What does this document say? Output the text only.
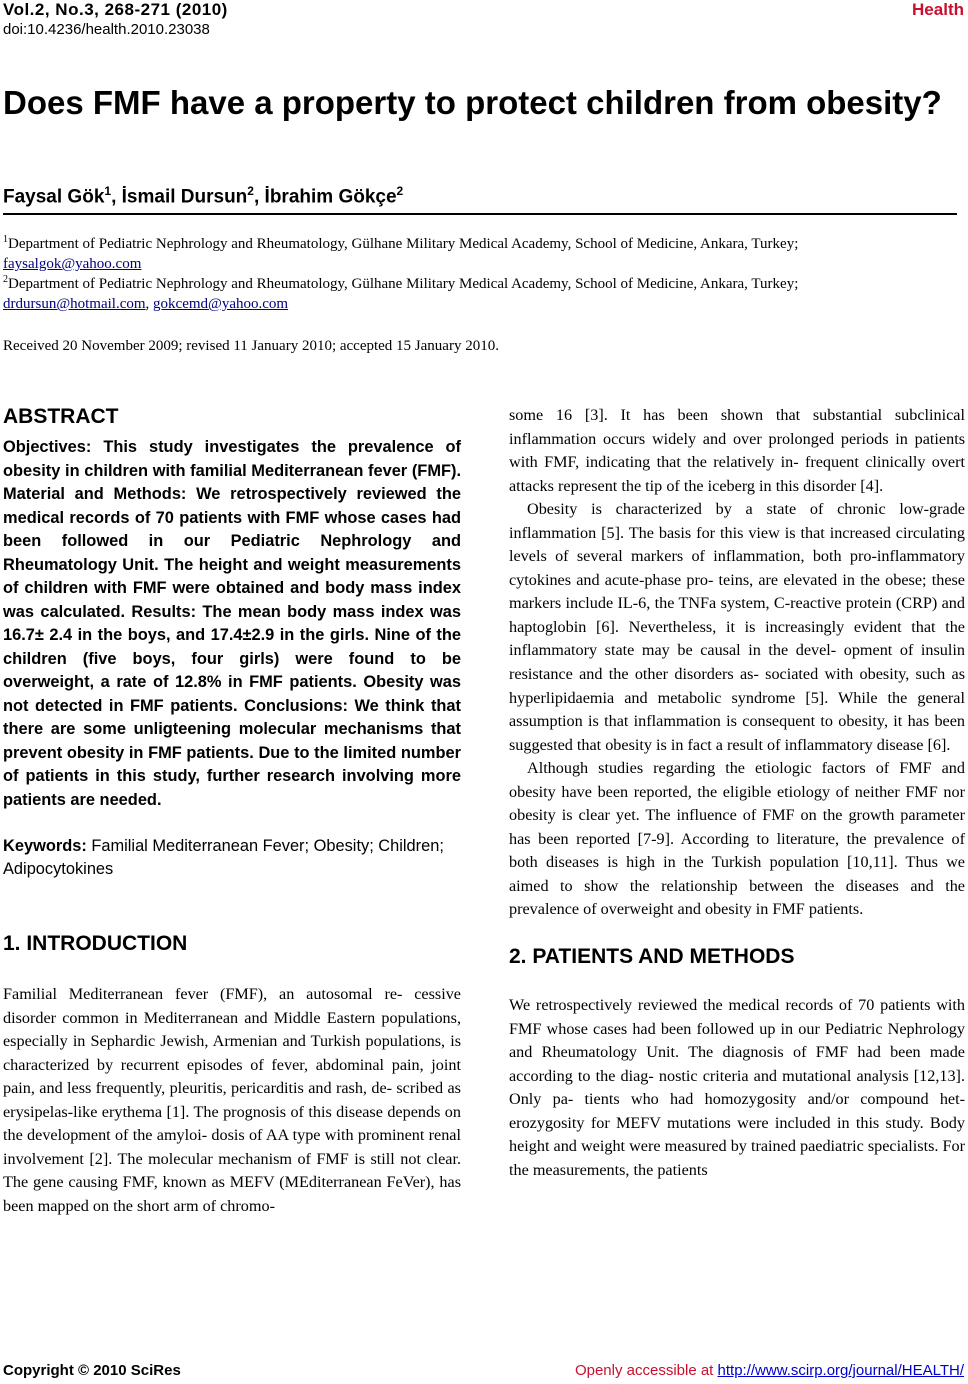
Vol.2, No.3, 268-271 (2010)
doi:10.4236/health.2010.23038
Health
Does FMF have a property to protect children from obesity?
Faysal Gök$^1$, İsmail Dursun$^2$, İbrahim Gökçe$^2$
$^1$Department of Pediatric Nephrology and Rheumatology, Gülhane Military Medical Academy, School of Medicine, Ankara, Turkey;
faysalgok@yahoo.com
$^2$Department of Pediatric Nephrology and Rheumatology, Gülhane Military Medical Academy, School of Medicine, Ankara, Turkey;
drdursun@hotmail.com, gokcemd@yahoo.com
Received 20 November 2009; revised 11 January 2010; accepted 15 January 2010.
ABSTRACT

Objectives: This study investigates the prevalence of obesity in children with familial Mediterranean fever (FMF). Material and Methods: We retrospectively reviewed the medical records of 70 patients with FMF whose cases had been followed in our Pediatric Nephrology and Rheumatology Unit. The height and weight measurements of children with FMF were obtained and body mass index was calculated. Results: The mean body mass index was 16.7± 2.4 in the boys, and 17.4±2.9 in the girls. Nine of the children (five boys, four girls) were found to be overweight, a rate of 12.8% in FMF patients. Obesity was not detected in FMF patients. Conclusions: We think that there are some unligteening molecular mechanisms that prevent obesity in FMF patients. Due to the limited number of patients in this study, further research involving more patients are needed.

Keywords: Familial Mediterranean Fever; Obesity; Children; Adipocytokines

1. INTRODUCTION

Familial Mediterranean fever (FMF), an autosomal re- cessive disorder common in Mediterranean and Middle Eastern populations, especially in Sephardic Jewish, Armenian and Turkish populations, is characterized by recurrent episodes of fever, abdominal pain, joint pain, and less frequently, pleuritis, pericarditis and rash, de- scribed as erysipelas-like erythema [1]. The prognosis of this disease depends on the development of the amyloi- dosis of AA type with prominent renal involvement [2]. The molecular mechanism of FMF is still not clear. The gene causing FMF, known as MEFV (MEditerranean FeVer), has been mapped on the short arm of chromo-

some 16 [3]. It has been shown that substantial subclinical inflammation occurs widely and over prolonged periods in patients with FMF, indicating that the relatively in- frequent clinically overt attacks represent the tip of the iceberg in this disorder [4].

Obesity is characterized by a state of chronic low-grade inflammation [5]. The basis for this view is that increased circulating levels of several markers of inflammation, both pro-inflammatory cytokines and acute-phase pro- teins, are elevated in the obese; these markers include IL-6, the TNFa system, C-reactive protein (CRP) and haptoglobin [6]. Nevertheless, it is increasingly evident that the inflammatory state may be causal in the devel- opment of insulin resistance and the other disorders as- sociated with obesity, such as hyperlipidaemia and metabolic syndrome [5]. While the general assumption is that inflammation is consequent to obesity, it has been suggested that obesity is in fact a result of inflammatory disease [6].

Although studies regarding the etiologic factors of FMF and obesity have been reported, the eligible etiology of neither FMF nor obesity is clear yet. The influence of FMF on the growth parameter has been reported [7-9]. According to literature, the prevalence of both diseases is high in the Turkish population [10,11]. Thus we aimed to show the relationship between the diseases and the prevalence of overweight and obesity in FMF patients.

2. PATIENTS AND METHODS

We retrospectively reviewed the medical records of 70 patients with FMF whose cases had been followed up in our Pediatric Nephrology and Rheumatology Unit. The diagnosis of FMF had been made according to the diag- nostic criteria and mutational analysis [12,13]. Only pa- tients who had homozygosity and/or compound het- erozygosity for MEFV mutations were included in this study. Body height and weight were measured by trained paediatric specialists. For the measurements, the patients

Copyright © 2010 SciRes	Openly accessible at http://www.scirp.org/journal/HEALTH/
